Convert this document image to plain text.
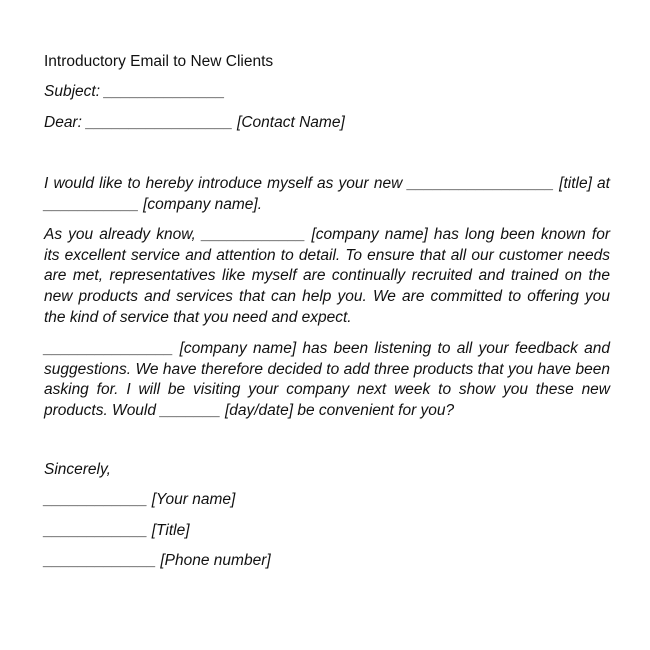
Introductory Email to New Clients
Subject: ______________
Dear: _________________ [Contact Name]
I would like to hereby introduce myself as your new _________________ [title] at ___________ [company name].
As you already know, ____________ [company name] has long been known for its excellent service and attention to detail. To ensure that all our customer needs are met, representatives like myself are continually recruited and trained on the new products and services that can help you. We are committed to offering you the kind of service that you need and expect.
_______________ [company name] has been listening to all your feedback and suggestions. We have therefore decided to add three products that you have been asking for. I will be visiting your company next week to show you these new products. Would _______ [day/date] be convenient for you?
Sincerely,
____________ [Your name]
____________ [Title]
_____________ [Phone number]
